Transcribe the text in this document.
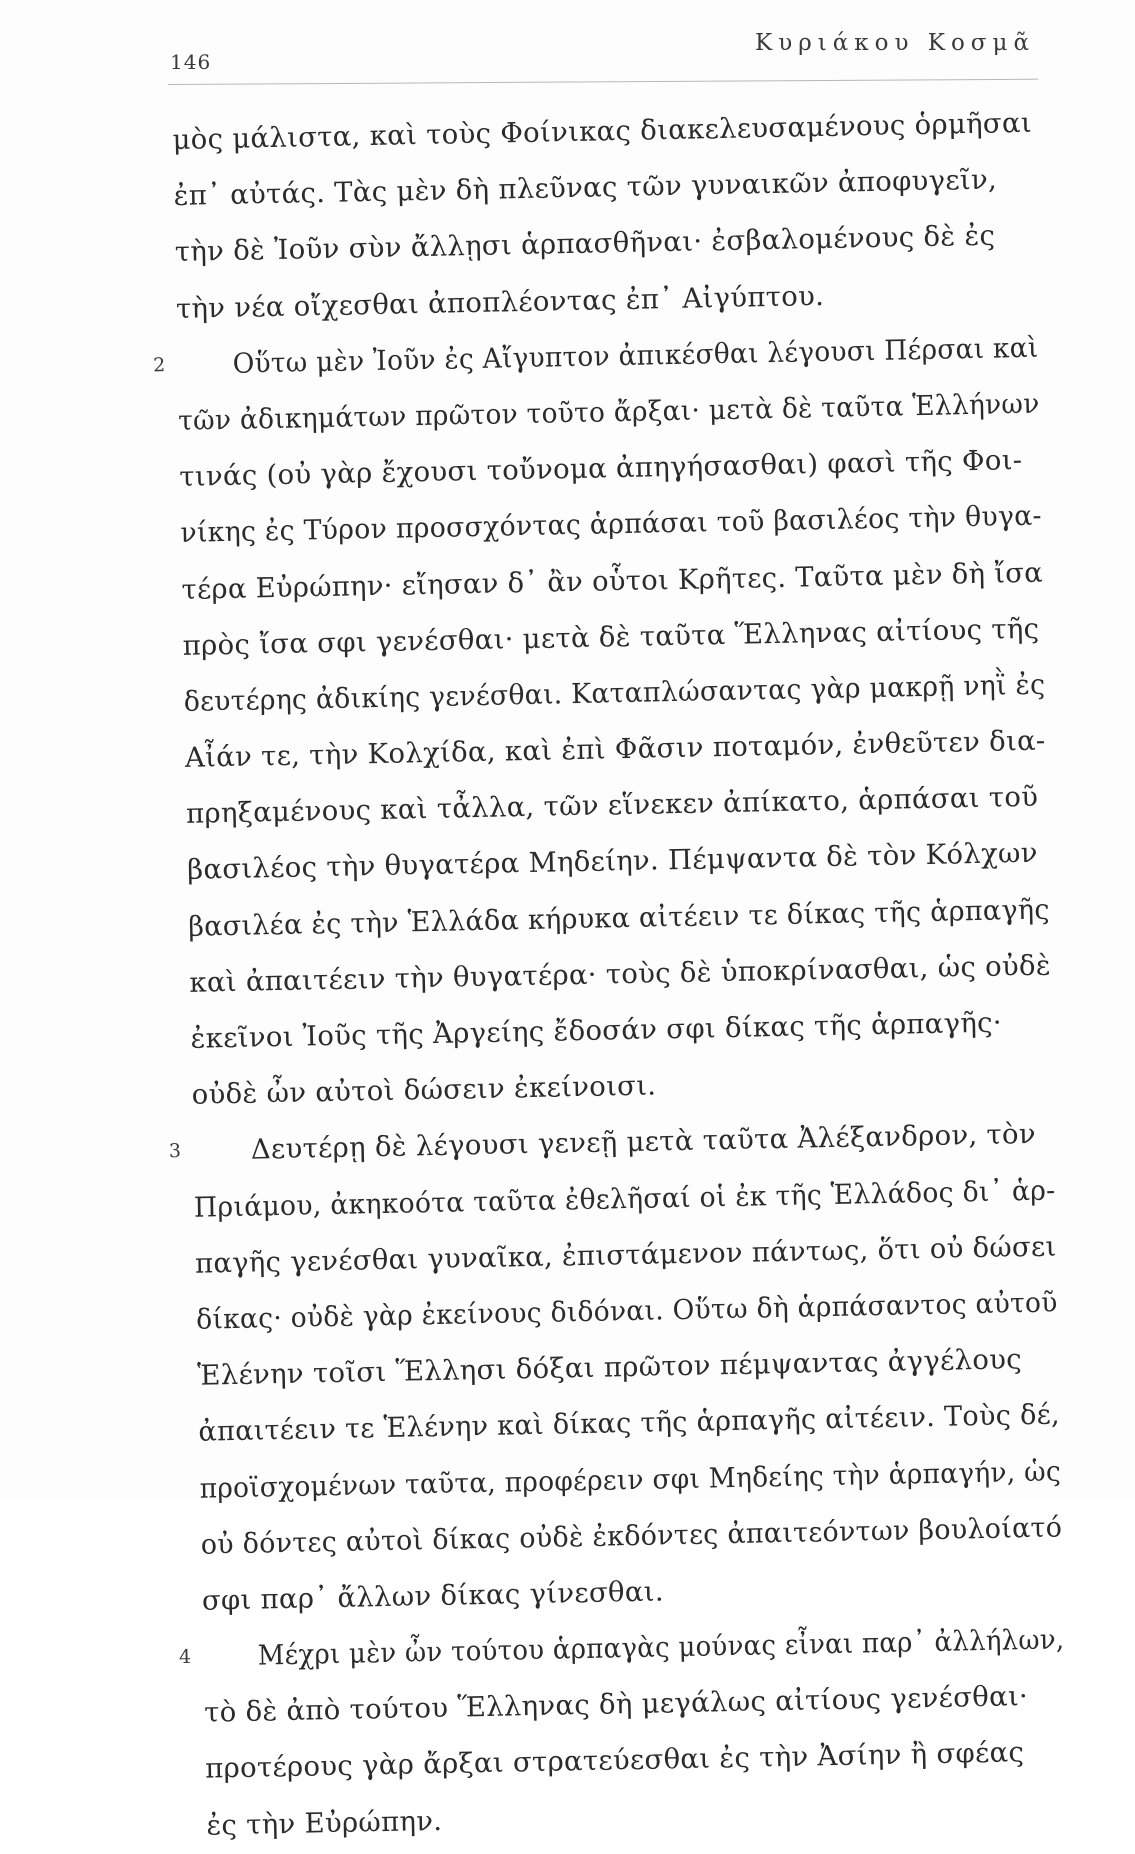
146
Κυριάκου Κοσμᾶ
μὸς μάλιστα, καὶ τοὺς Φοίνικας διακελευσαμένους ὁρμῆσαι
ἐπ᾽ αὐτάς. Τὰς μὲν δὴ πλεῦνας τῶν γυναικῶν ἀποφυγεῖν,
τὴν δὲ Ἰοῦν σὺν ἄλλῃσι ἁρπασθῆναι· ἐσβαλομένους δὲ ἐς
τὴν νέα οἴχεσθαι ἀποπλέοντας ἐπ᾽ Αἰγύπτου.
2 Οὕτω μὲν Ἰοῦν ἐς Αἴγυπτον ἀπικέσθαι λέγουσι Πέρσαι καὶ
τῶν ἀδικημάτων πρῶτον τοῦτο ἄρξαι· μετὰ δὲ ταῦτα Ἑλλήνων
τινάς (οὐ γὰρ ἔχουσι τοὔνομα ἀπηγήσασθαι) φασὶ τῆς Φοι-
νίκης ἐς Τύρον προσσχόντας ἁρπάσαι τοῦ βασιλέος τὴν θυγα-
τέρα Εὐρώπην· εἴησαν δ᾽ ἂν οὗτοι Κρῆτες. Ταῦτα μὲν δὴ ἴσα
πρὸς ἴσα σφι γενέσθαι· μετὰ δὲ ταῦτα Ἕλληνας αἰτίους τῆς
δευτέρης ἀδικίης γενέσθαι. Καταπλώσαντας γὰρ μακρῇ νηῒ ἐς
Αἶάν τε, τὴν Κολχίδα, καὶ ἐπὶ Φᾶσιν ποταμόν, ἐνθεῦτεν δια-
πρηξαμένους καὶ τἆλλα, τῶν εἵνεκεν ἀπίκατο, ἁρπάσαι τοῦ
βασιλέος τὴν θυγατέρα Μηδείην. Πέμψαντα δὲ τὸν Κόλχων
βασιλέα ἐς τὴν Ἑλλάδα κήρυκα αἰτέειν τε δίκας τῆς ἁρπαγῆς
καὶ ἀπαιτέειν τὴν θυγατέρα· τοὺς δὲ ὑποκρίνασθαι, ὡς οὐδὲ
ἐκεῖνοι Ἰοῦς τῆς Ἀργείης ἔδοσάν σφι δίκας τῆς ἁρπαγῆς·
οὐδὲ ὦν αὐτοὶ δώσειν ἐκείνοισι.
3	Δευτέρῃ δὲ λέγουσι γενεῇ μετὰ ταῦτα Ἀλέξανδρον, τὸν
Πριάμου, ἀκηκοότα ταῦτα ἐθελῆσαί οἱ ἐκ τῆς Ἑλλάδος δι᾽ ἁρ-
παγῆς γενέσθαι γυναῖκα, ἐπιστάμενον πάντως, ὅτι οὐ δώσει
δίκας· οὐδὲ γὰρ ἐκείνους διδόναι. Οὕτω δὴ ἁρπάσαντος αὐτοῦ
Ἑλένην τοῖσι Ἕλλησι δόξαι πρῶτον πέμψαντας ἀγγέλους
ἀπαιτέειν τε Ἑλένην καὶ δίκας τῆς ἁρπαγῆς αἰτέειν. Τοὺς δέ,
προϊσχομένων ταῦτα, προφέρειν σφι Μηδείης τὴν ἁρπαγήν, ὡς
οὐ δόντες αὐτοὶ δίκας οὐδὲ ἐκδόντες ἀπαιτεόντων βουλοίατό
σφι παρ᾽ ἄλλων δίκας γίνεσθαι.
4 Μέχρι μὲν ὦν τούτου ἁρπαγὰς μούνας εἶναι παρ᾽ ἀλλήλων,
τὸ δὲ ἀπὸ τούτου Ἕλληνας δὴ μεγάλως αἰτίους γενέσθαι·
προτέρους γὰρ ἄρξαι στρατεύεσθαι ἐς τὴν Ἀσίην ἢ σφέας
ἐς τὴν Εὐρώπην.
